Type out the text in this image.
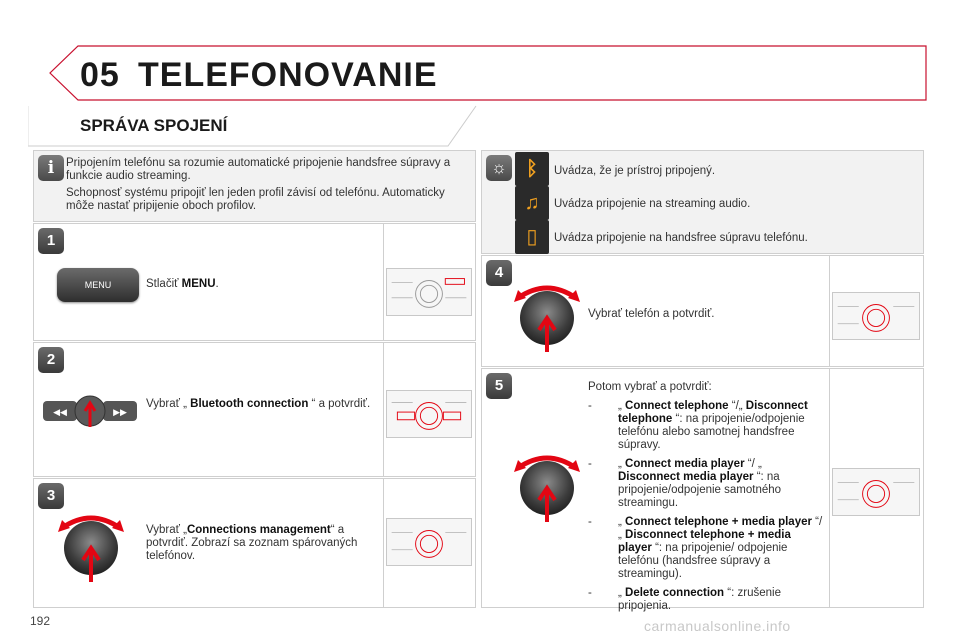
05 TELEFONOVANIE
SPRÁVA SPOJENÍ
i	Pripojením telefónu sa rozumie automatické pripojenie handsfree súpravy a funkcie audio streaming.
Schopnosť systému pripojiť len jeden profil závisí od telefónu. Automaticky môže nastať pripijenie oboch profilov.
1
MENU	Stlačiť MENU.
2
◀◀	▶▶
Vybrať „ Bluetooth connection “ a potvrdiť.
3
Vybrať „Connections management“ a potvrdiť. Zobrazí sa zoznam spárovaných telefónov.
☼ ᛒ	Uvádza, že je prístroj pripojený.
♫	Uvádza pripojenie na streaming audio.
▯	Uvádza pripojenie na handsfree súpravu telefónu.
4
Vybrať telefón a potvrdiť.
5	Potom vybrať a potvrdiť:
- „ Connect telephone “/„ Disconnect telephone “: na pripojenie/odpojenie telefónu alebo samotnej handsfree súpravy.
- „ Connect media player “/ „ Disconnect media player “: na pripojenie/odpojenie samotného streamingu.
- „ Connect telephone + media player “/„ Disconnect telephone + media player “: na pripojenie/ odpojenie telefónu (handsfree súpravy a streamingu).
- „ Delete connection “: zrušenie pripojenia.
192	carmanualsonline.info
